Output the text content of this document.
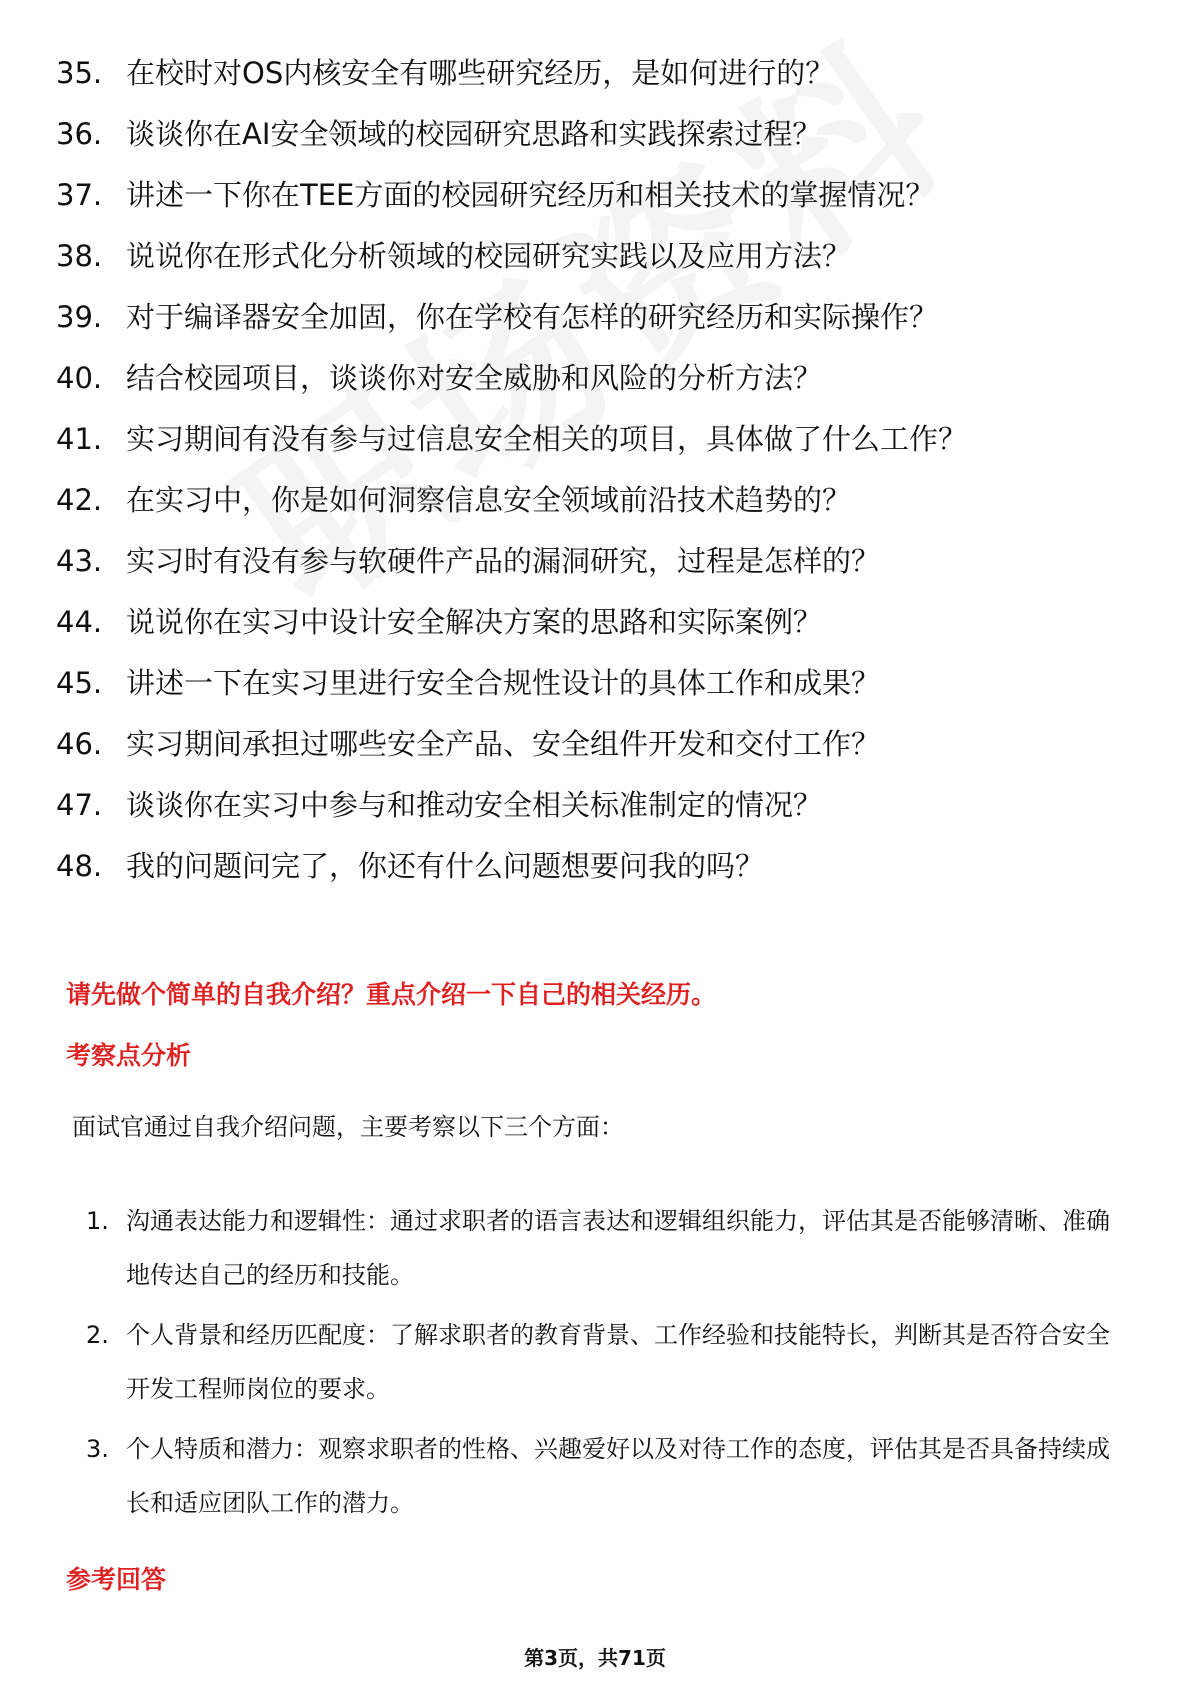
35. 在校时对OS内核安全有哪些研究经历，是如何进行的？
36. 谈谈你在AI安全领域的校园研究思路和实践探索过程？
37. 讲述一下你在TEE方面的校园研究经历和相关技术的掌握情况？
38. 说说你在形式化分析领域的校园研究实践以及应用方法？
39. 对于编译器安全加固，你在学校有怎样的研究经历和实际操作？
40. 结合校园项目，谈谈你对安全威胁和风险的分析方法？
41. 实习期间有没有参与过信息安全相关的项目，具体做了什么工作？
42. 在实习中，你是如何洞察信息安全领域前沿技术趋势的？
43. 实习时有没有参与软硬件产品的漏洞研究，过程是怎样的？
44. 说说你在实习中设计安全解决方案的思路和实际案例？
45. 讲述一下在实习里进行安全合规性设计的具体工作和成果？
46. 实习期间承担过哪些安全产品、安全组件开发和交付工作？
47. 谈谈你在实习中参与和推动安全相关标准制定的情况？
48. 我的问题问完了，你还有什么问题想要问我的吗？
请先做个简单的自我介绍？重点介绍一下自己的相关经历。
考察点分析
面试官通过自我介绍问题，主要考察以下三个方面：
1. 沟通表达能力和逻辑性：通过求职者的语言表达和逻辑组织能力，评估其是否能够清晰、准确地传达自己的经历和技能。
2. 个人背景和经历匹配度：了解求职者的教育背景、工作经验和技能特长，判断其是否符合安全开发工程师岗位的要求。
3. 个人特质和潜力：观察求职者的性格、兴趣爱好以及对待工作的态度，评估其是否具备持续成长和适应团队工作的潜力。
参考回答
第3页，共71页
